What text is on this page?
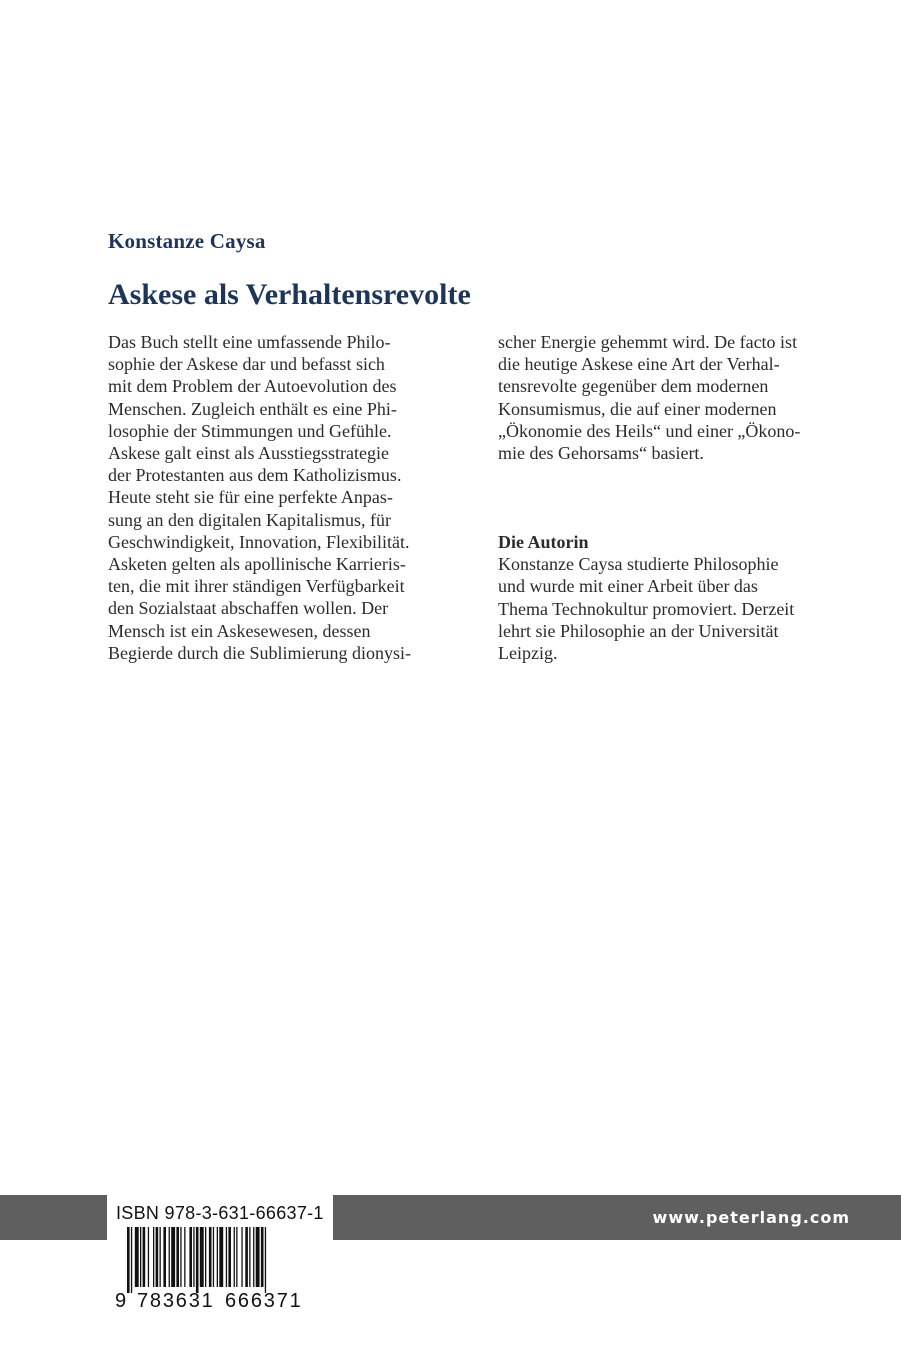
Konstanze Caysa
Askese als Verhaltensrevolte
Das Buch stellt eine umfassende Philo-
sophie der Askese dar und befasst sich
mit dem Problem der Autoevolution des
Menschen. Zugleich enthält es eine Phi-
losophie der Stimmungen und Gefühle.
Askese galt einst als Ausstiegsstrategie
der Protestanten aus dem Katholizismus.
Heute steht sie für eine perfekte Anpas-
sung an den digitalen Kapitalismus, für
Geschwindigkeit, Innovation, Flexibilität.
Asketen gelten als apollinische Karrieris-
ten, die mit ihrer ständigen Verfügbarkeit
den Sozialstaat abschaffen wollen. Der
Mensch ist ein Askesewesen, dessen
Begierde durch die Sublimierung dionysi-
scher Energie gehemmt wird. De facto ist
die heutige Askese eine Art der Verhal-
tensrevolte gegenüber dem modernen
Konsumismus, die auf einer modernen
„Ökonomie des Heils“ und einer „Ökono-
mie des Gehorsams“ basiert.
Die Autorin
Konstanze Caysa studierte Philosophie
und wurde mit einer Arbeit über das
Thema Technokultur promoviert. Derzeit
lehrt sie Philosophie an der Universität
Leipzig.
www.peterlang.com
ISBN 978-3-631-66637-1
9 783631 666371
